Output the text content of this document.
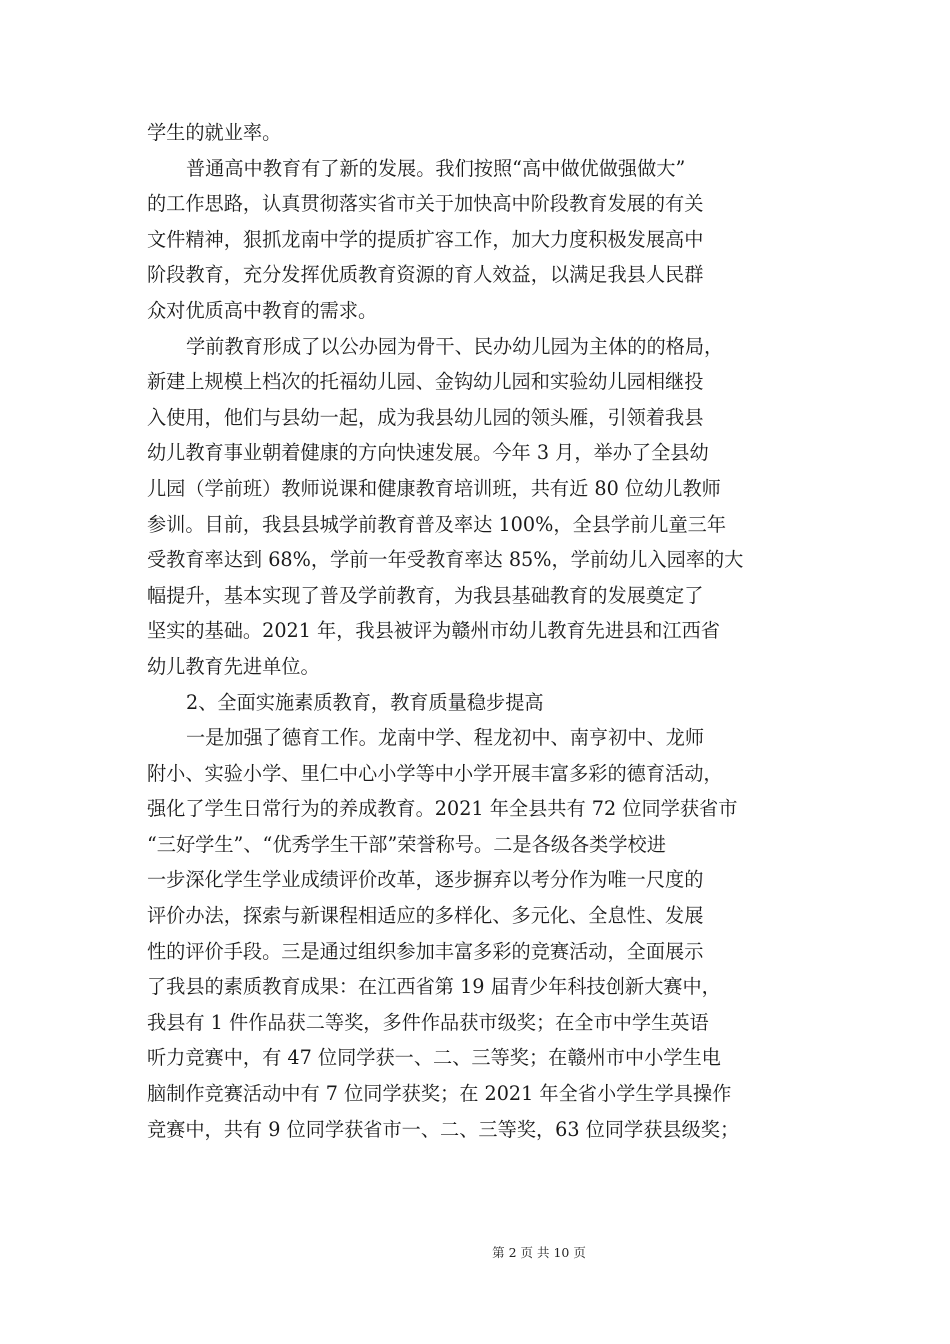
学生的就业率。
普通高中教育有了新的发展。我们按照“高中做优做强做大”
的工作思路，认真贯彻落实省市关于加快高中阶段教育发展的有关
文件精神，狠抓龙南中学的提质扩容工作，加大力度积极发展高中
阶段教育，充分发挥优质教育资源的育人效益，以满足我县人民群
众对优质高中教育的需求。
学前教育形成了以公办园为骨干、民办幼儿园为主体的的格局，
新建上规模上档次的托福幼儿园、金钩幼儿园和实验幼儿园相继投
入使用，他们与县幼一起，成为我县幼儿园的领头雁，引领着我县
幼儿教育事业朝着健康的方向快速发展。今年 3 月，举办了全县幼
儿园（学前班）教师说课和健康教育培训班，共有近 80 位幼儿教师
参训。目前，我县县城学前教育普及率达 100%，全县学前儿童三年
受教育率达到 68%，学前一年受教育率达 85%，学前幼儿入园率的大
幅提升，基本实现了普及学前教育，为我县基础教育的发展奠定了
坚实的基础。2021 年，我县被评为赣州市幼儿教育先进县和江西省
幼儿教育先进单位。
2、全面实施素质教育，教育质量稳步提高
一是加强了德育工作。龙南中学、程龙初中、南亨初中、龙师
附小、实验小学、里仁中心小学等中小学开展丰富多彩的德育活动，
强化了学生日常行为的养成教育。2021 年全县共有 72 位同学获省市
“三好学生”、“优秀学生干部”荣誉称号。二是各级各类学校进
一步深化学生学业成绩评价改革，逐步摒弃以考分作为唯一尺度的
评价办法，探索与新课程相适应的多样化、多元化、全息性、发展
性的评价手段。三是通过组织参加丰富多彩的竞赛活动，全面展示
了我县的素质教育成果：在江西省第 19 届青少年科技创新大赛中，
我县有 1 件作品获二等奖，多件作品获市级奖；在全市中学生英语
听力竞赛中，有 47 位同学获一、二、三等奖；在赣州市中小学生电
脑制作竞赛活动中有 7 位同学获奖；在 2021 年全省小学生学具操作
竞赛中，共有 9 位同学获省市一、二、三等奖，63 位同学获县级奖；
第 2 页 共 10 页
